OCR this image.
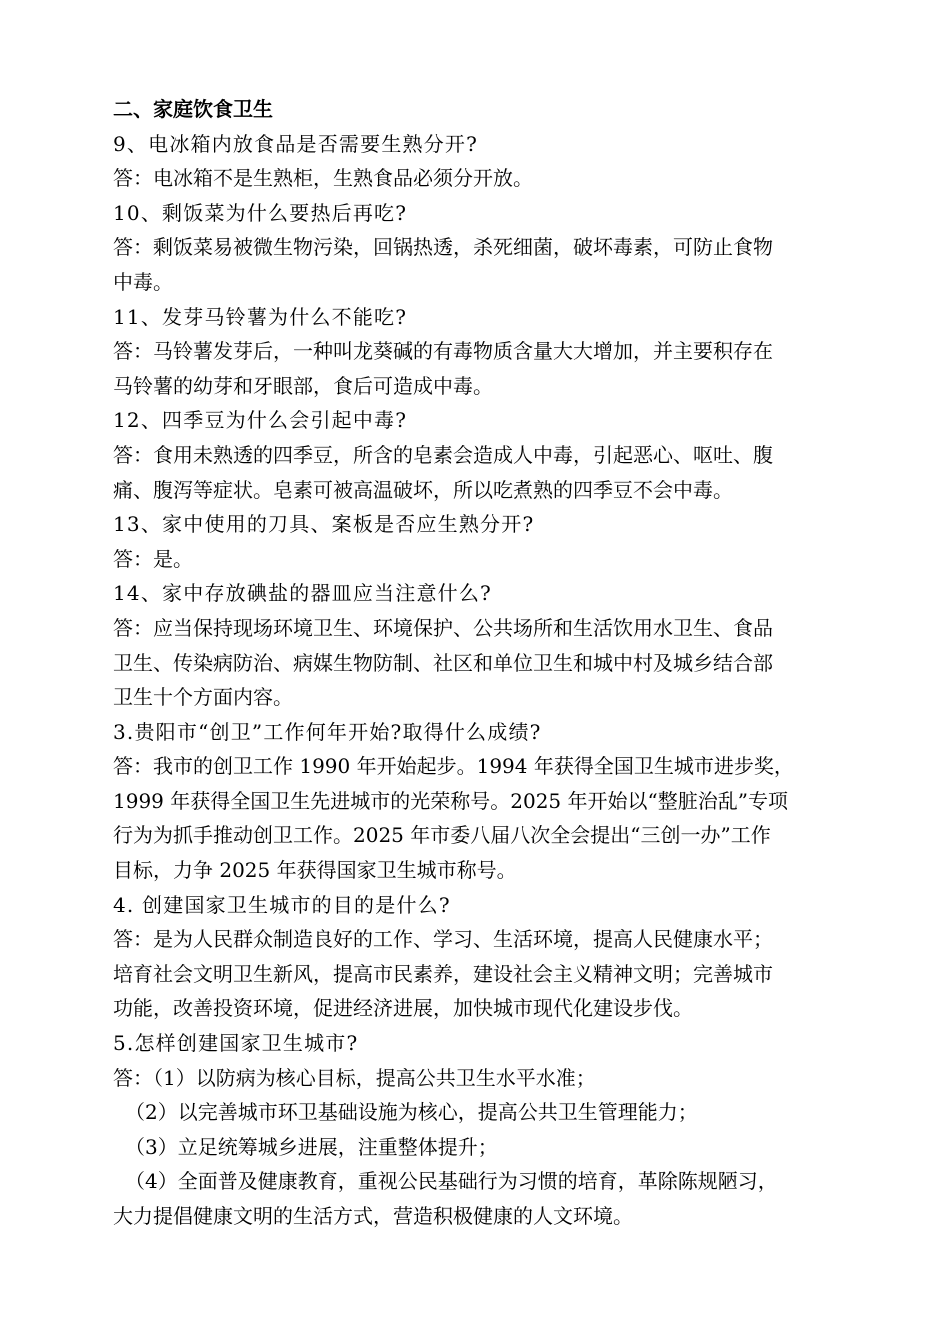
二、家庭饮食卫生

9、电冰箱内放食品是否需要生熟分开?

答：电冰箱不是生熟柜，生熟食品必须分开放。

10、剩饭菜为什么要热后再吃?

答：剩饭菜易被微生物污染，回锅热透，杀死细菌，破坏毒素，可防止食物

中毒。

11、发芽马铃薯为什么不能吃?

答：马铃薯发芽后，一种叫龙葵碱的有毒物质含量大大增加，并主要积存在

马铃薯的幼芽和牙眼部，食后可造成中毒。

12、四季豆为什么会引起中毒?

答：食用未熟透的四季豆，所含的皂素会造成人中毒，引起恶心、呕吐、腹

痛、腹泻等症状。皂素可被高温破坏，所以吃煮熟的四季豆不会中毒。

13、家中使用的刀具、案板是否应生熟分开?

答：是。

14、家中存放碘盐的器皿应当注意什么?

答：应当保持现场环境卫生、环境保护、公共场所和生活饮用水卫生、食品

卫生、传染病防治、病媒生物防制、社区和单位卫生和城中村及城乡结合部

卫生十个方面内容。

3.贵阳市“创卫”工作何年开始?取得什么成绩?

答：我市的创卫工作 1990 年开始起步。1994 年获得全国卫生城市进步奖，

1999 年获得全国卫生先进城市的光荣称号。2025 年开始以“整脏治乱”专项

行为为抓手推动创卫工作。2025 年市委八届八次全会提出“三创一办”工作

目标，力争 2025 年获得国家卫生城市称号。

4. 创建国家卫生城市的目的是什么?

答：是为人民群众制造良好的工作、学习、生活环境，提高人民健康水平；

培育社会文明卫生新风，提高市民素养，建设社会主义精神文明；完善城市

功能，改善投资环境，促进经济进展，加快城市现代化建设步伐。

5.怎样创建国家卫生城市?

答：（1）以防病为核心目标，提高公共卫生水平水准；

（2）以完善城市环卫基础设施为核心，提高公共卫生管理能力；

（3）立足统筹城乡进展，注重整体提升；

（4）全面普及健康教育，重视公民基础行为习惯的培育，革除陈规陋习，

大力提倡健康文明的生活方式，营造积极健康的人文环境。
